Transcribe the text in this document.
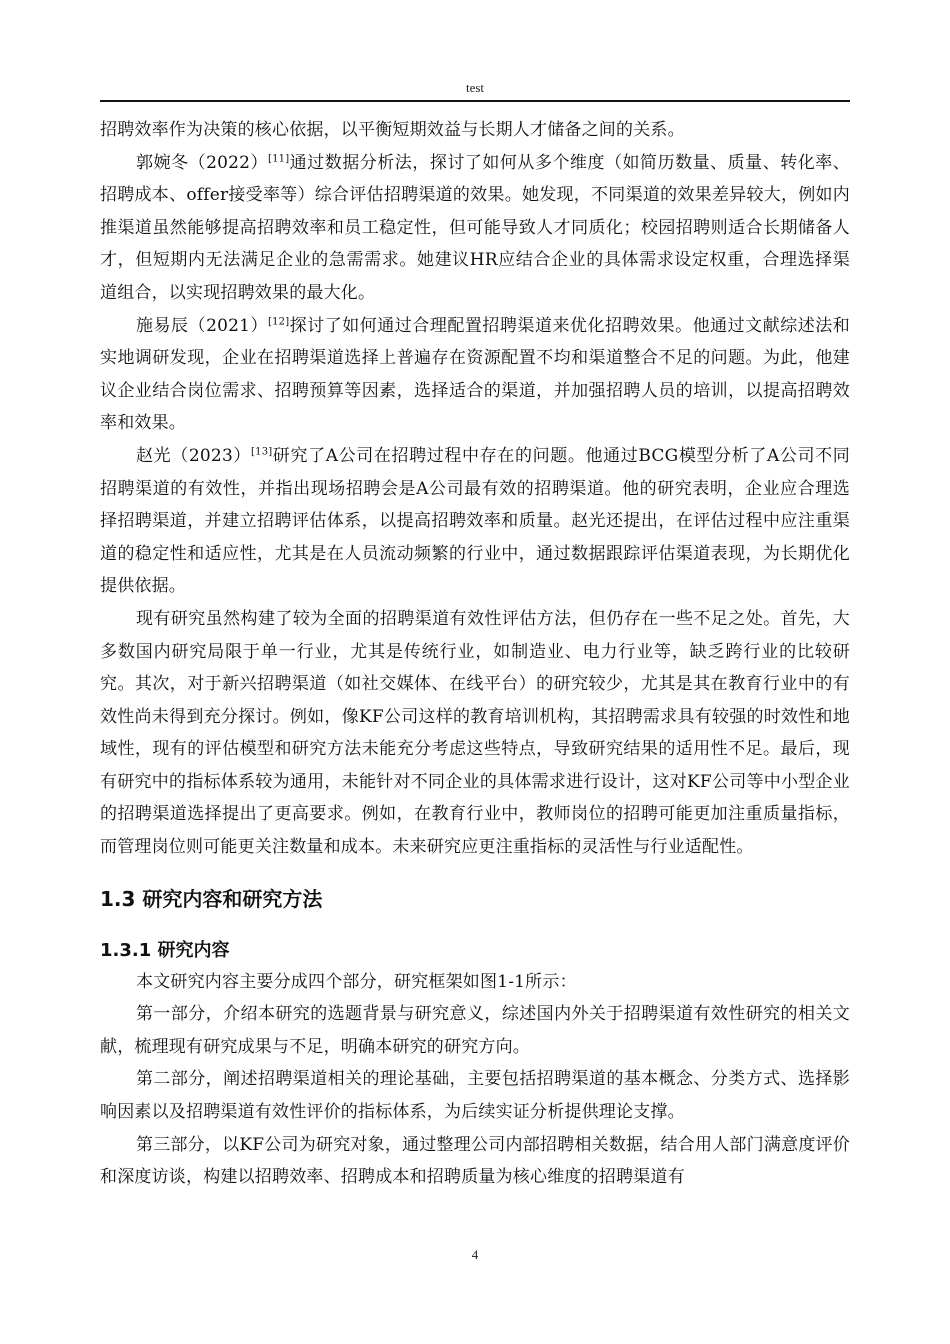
test

招聘效率作为决策的核心依据，以平衡短期效益与长期人才储备之间的关系。

郭婉冬（2022）[11]通过数据分析法，探讨了如何从多个维度（如简历数量、质量、转化率、招聘成本、offer接受率等）综合评估招聘渠道的效果。她发现，不同渠道的效果差异较大，例如内推渠道虽然能够提高招聘效率和员工稳定性，但可能导致人才同质化；校园招聘则适合长期储备人才，但短期内无法满足企业的急需需求。她建议HR应结合企业的具体需求设定权重，合理选择渠道组合，以实现招聘效果的最大化。

施易辰（2021）[12]探讨了如何通过合理配置招聘渠道来优化招聘效果。他通过文献综述法和实地调研发现，企业在招聘渠道选择上普遍存在资源配置不均和渠道整合不足的问题。为此，他建议企业结合岗位需求、招聘预算等因素，选择适合的渠道，并加强招聘人员的培训，以提高招聘效率和效果。

赵光（2023）[13]研究了A公司在招聘过程中存在的问题。他通过BCG模型分析了A公司不同招聘渠道的有效性，并指出现场招聘会是A公司最有效的招聘渠道。他的研究表明，企业应合理选择招聘渠道，并建立招聘评估体系，以提高招聘效率和质量。赵光还提出，在评估过程中应注重渠道的稳定性和适应性，尤其是在人员流动频繁的行业中，通过数据跟踪评估渠道表现，为长期优化提供依据。

现有研究虽然构建了较为全面的招聘渠道有效性评估方法，但仍存在一些不足之处。首先，大多数国内研究局限于单一行业，尤其是传统行业，如制造业、电力行业等，缺乏跨行业的比较研究。其次，对于新兴招聘渠道（如社交媒体、在线平台）的研究较少，尤其是其在教育行业中的有效性尚未得到充分探讨。例如，像KF公司这样的教育培训机构，其招聘需求具有较强的时效性和地域性，现有的评估模型和研究方法未能充分考虑这些特点，导致研究结果的适用性不足。最后，现有研究中的指标体系较为通用，未能针对不同企业的具体需求进行设计，这对KF公司等中小型企业的招聘渠道选择提出了更高要求。例如，在教育行业中，教师岗位的招聘可能更加注重质量指标，而管理岗位则可能更关注数量和成本。未来研究应更注重指标的灵活性与行业适配性。

1.3 研究内容和研究方法
1.3.1 研究内容

本文研究内容主要分成四个部分，研究框架如图1-1所示：

第一部分，介绍本研究的选题背景与研究意义，综述国内外关于招聘渠道有效性研究的相关文献，梳理现有研究成果与不足，明确本研究的研究方向。

第二部分，阐述招聘渠道相关的理论基础，主要包括招聘渠道的基本概念、分类方式、选择影响因素以及招聘渠道有效性评价的指标体系，为后续实证分析提供理论支撑。

第三部分，以KF公司为研究对象，通过整理公司内部招聘相关数据，结合用人部门满意度评价和深度访谈，构建以招聘效率、招聘成本和招聘质量为核心维度的招聘渠道有

4
